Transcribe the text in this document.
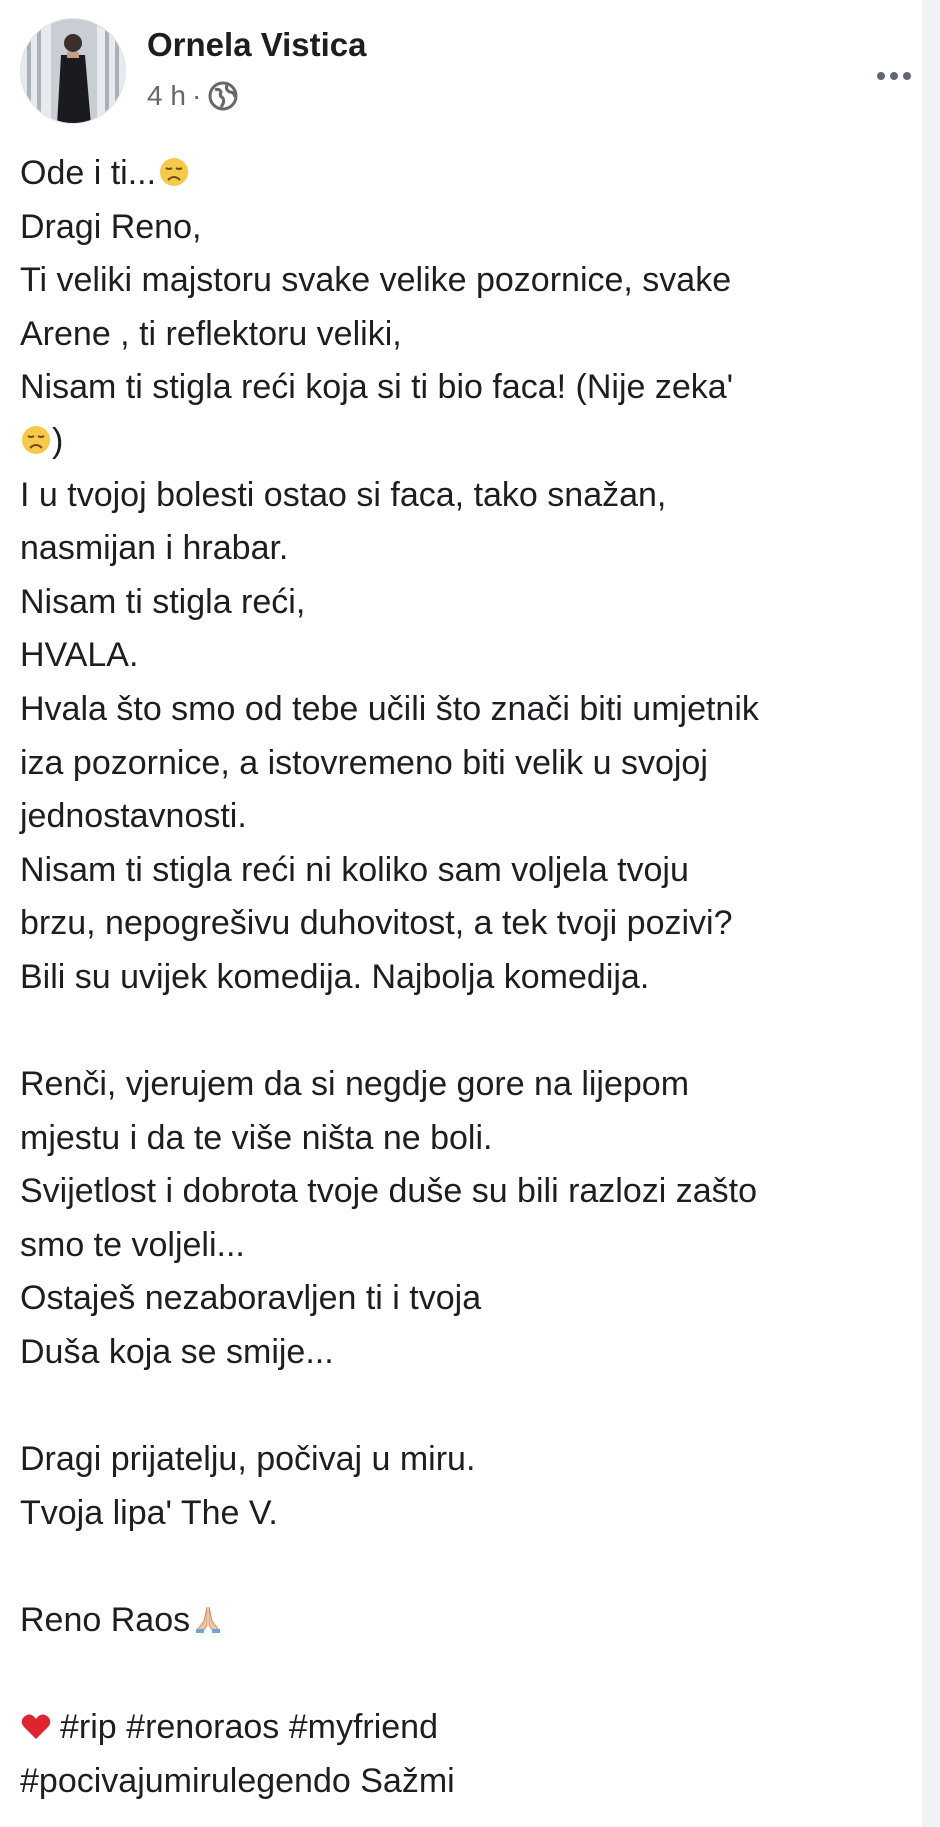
Ornela Vistica
4 h ·
Ode i ti...
Dragi Reno,
Ti veliki majstoru svake velike pozornice, svake
Arene , ti reflektoru veliki,
Nisam ti stigla reći koja si ti bio faca! (Nije zeka'
)
I u tvojoj bolesti ostao si faca, tako snažan,
nasmijan i hrabar.
Nisam ti stigla reći,
HVALA.
Hvala što smo od tebe učili što znači biti umjetnik
iza pozornice, a istovremeno biti velik u svojoj
jednostavnosti.
Nisam ti stigla reći ni koliko sam voljela tvoju
brzu, nepogrešivu duhovitost, a tek tvoji pozivi?
Bili su uvijek komedija. Najbolja komedija.
Renči, vjerujem da si negdje gore na lijepom
mjestu i da te više ništa ne boli.
Svijetlost i dobrota tvoje duše su bili razlozi zašto
smo te voljeli...
Ostaješ nezaboravljen ti i tvoja
Duša koja se smije...
Dragi prijatelju, počivaj u miru.
Tvoja lipa' The V.
Reno Raos
#rip #renoraos #myfriend
#pocivajumirulegendo Sažmi
